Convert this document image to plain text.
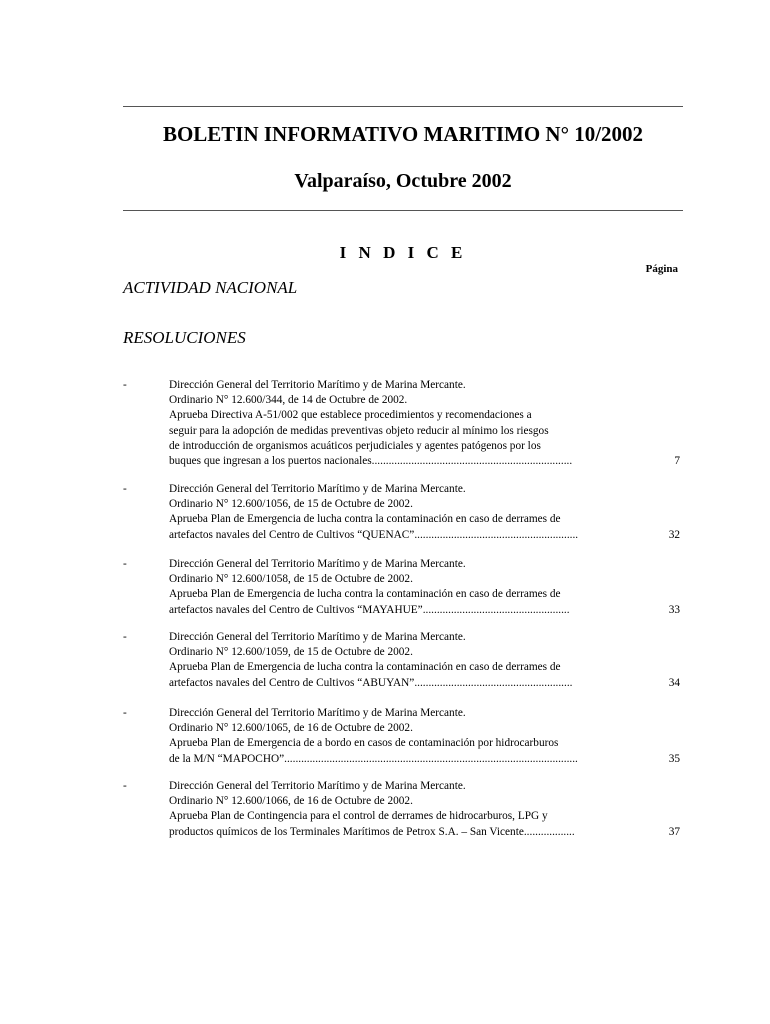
BOLETIN INFORMATIVO MARITIMO N° 10/2002
Valparaíso, Octubre 2002
I N D I C E
Página
ACTIVIDAD NACIONAL
RESOLUCIONES
-	Dirección General del Territorio Marítimo y de Marina Mercante.
Ordinario N° 12.600/344, de 14 de Octubre de 2002.
Aprueba Directiva A-51/002 que establece procedimientos y recomendaciones a
seguir para la adopción de medidas preventivas objeto reducir al mínimo los riesgos
de introducción de organismos acuáticos perjudiciales y agentes patógenos por los
buques que ingresan a los puertos nacionales.......................................................................	7
-	Dirección General del Territorio Marítimo y de Marina Mercante.
Ordinario N° 12.600/1056, de 15 de Octubre de 2002.
Aprueba Plan de Emergencia de lucha contra la contaminación en caso de derrames de
artefactos navales del Centro de Cultivos “QUENAC”..........................................................	32
-	Dirección General del Territorio Marítimo y de Marina Mercante.
Ordinario N° 12.600/1058, de 15 de Octubre de 2002.
Aprueba Plan de Emergencia de lucha contra la contaminación en caso de derrames de
artefactos navales del Centro de Cultivos “MAYAHUE”....................................................	33
-	Dirección General del Territorio Marítimo y de Marina Mercante.
Ordinario N° 12.600/1059, de 15 de Octubre de 2002.
Aprueba Plan de Emergencia de lucha contra la contaminación en caso de derrames de
artefactos navales del Centro de Cultivos “ABUYAN”........................................................	34
-	Dirección General del Territorio Marítimo y de Marina Mercante.
Ordinario N° 12.600/1065, de 16 de Octubre de 2002.
Aprueba Plan de Emergencia de a bordo en casos de contaminación por hidrocarburos
de la M/N “MAPOCHO”........................................................................................................	35
-	Dirección General del Territorio Marítimo y de Marina Mercante.
Ordinario N° 12.600/1066, de 16 de Octubre de 2002.
Aprueba Plan de Contingencia para el control de derrames de hidrocarburos, LPG y
productos químicos de los Terminales Marítimos de Petrox S.A. – San Vicente..................	37
